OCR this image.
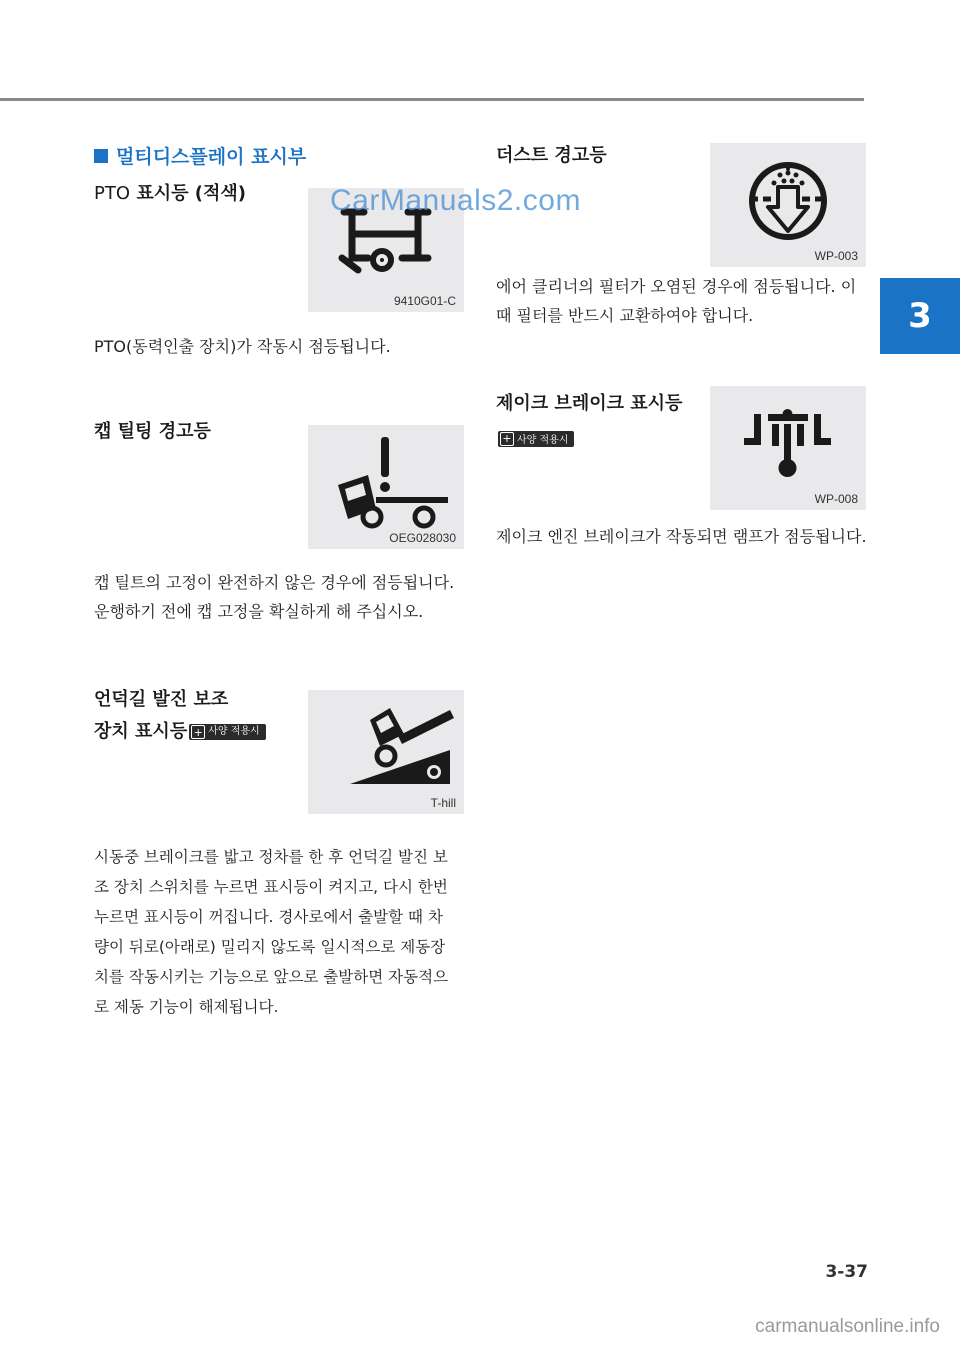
3
멀티디스플레이 표시부
PTO 표시등 (적색)
9410G01-C
PTO(동력인출 장치)가 작동시 점등됩니다.
캡 틸팅 경고등
OEG028030
캡 틸트의 고정이 완전하지 않은 경우에 점등됩니다.
운행하기 전에 캡 고정을 확실하게 해 주십시오.
언덕길 발진 보조
장치 표시등 + 사양 적용시
T-hill
시동중 브레이크를 밟고 정차를 한 후 언덕길 발진 보
조 장치 스위치를 누르면 표시등이 켜지고, 다시 한번
누르면 표시등이 꺼집니다. 경사로에서 출발할 때 차
량이 뒤로(아래로) 밀리지 않도록 일시적으로 제동장
치를 작동시키는 기능으로 앞으로 출발하면 자동적으
로 제동 기능이 해제됩니다.
더스트 경고등
WP-003
에어 클리너의 필터가 오염된 경우에 점등됩니다. 이
때 필터를 반드시 교환하여야 합니다.
제이크 브레이크 표시등
+ 사양 적용시
WP-008
제이크 엔진 브레이크가 작동되면 램프가 점등됩니다.
CarManuals2.com
3-37
carmanualsonline.info
